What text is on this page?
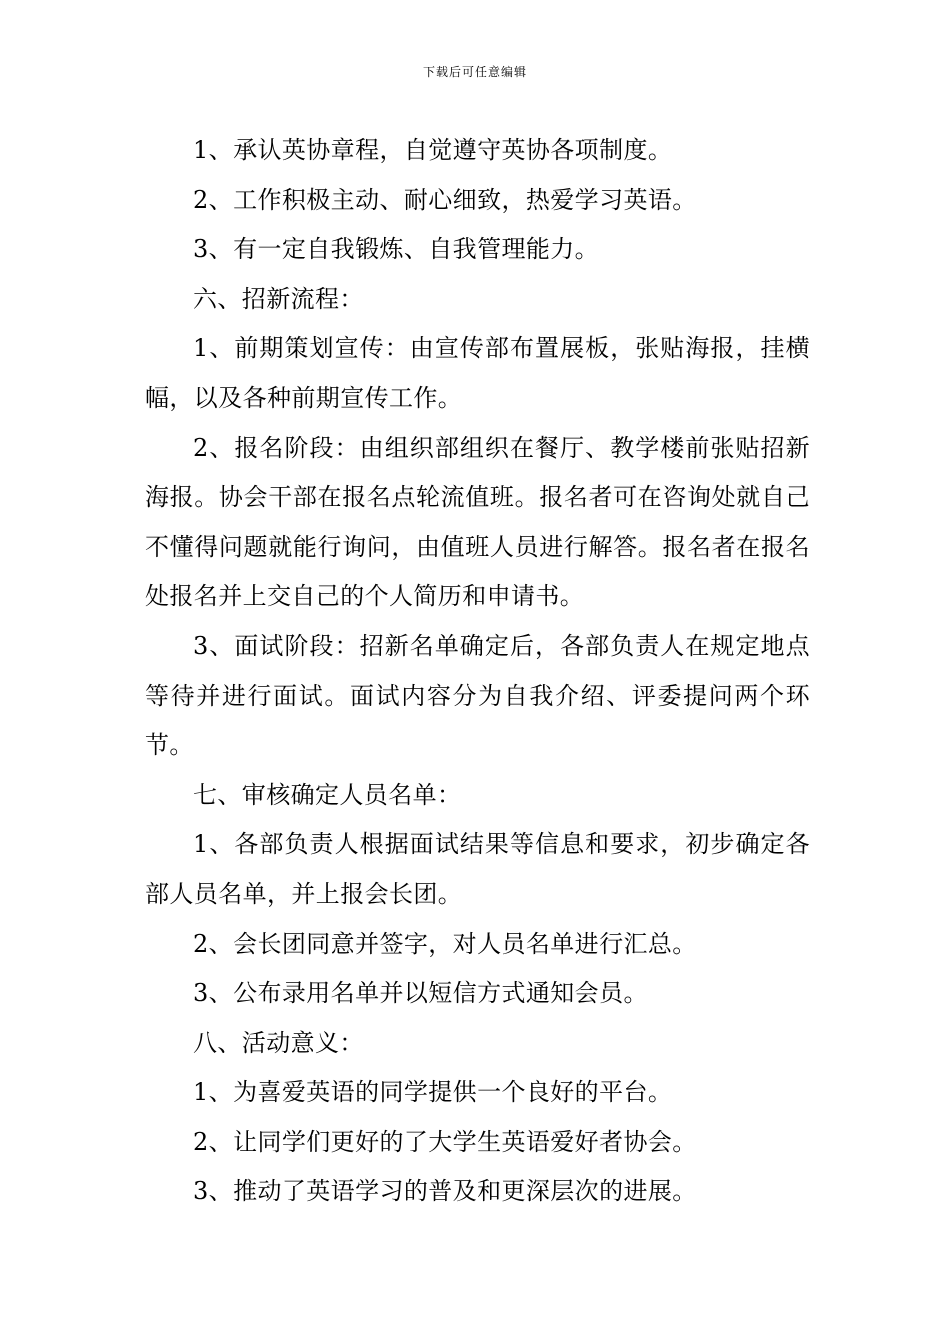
下载后可任意编辑

1、承认英协章程，自觉遵守英协各项制度。

2、工作积极主动、耐心细致，热爱学习英语。

3、有一定自我锻炼、自我管理能力。

六、招新流程：

1、前期策划宣传：由宣传部布置展板，张贴海报，挂横幅，以及各种前期宣传工作。

2、报名阶段：由组织部组织在餐厅、教学楼前张贴招新海报。协会干部在报名点轮流值班。报名者可在咨询处就自己不懂得问题就能行询问，由值班人员进行解答。报名者在报名处报名并上交自己的个人简历和申请书。

3、面试阶段：招新名单确定后，各部负责人在规定地点等待并进行面试。面试内容分为自我介绍、评委提问两个环节。

七、审核确定人员名单：

1、各部负责人根据面试结果等信息和要求，初步确定各部人员名单，并上报会长团。

2、会长团同意并签字，对人员名单进行汇总。

3、公布录用名单并以短信方式通知会员。

八、活动意义：

1、为喜爱英语的同学提供一个良好的平台。

2、让同学们更好的了大学生英语爱好者协会。

3、推动了英语学习的普及和更深层次的进展。
